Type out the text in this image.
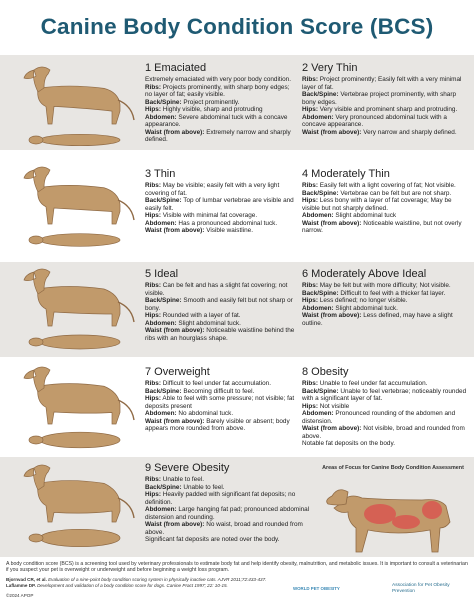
Canine Body Condition Score (BCS)
1 Emaciated

Extremely emaciated with very poor body condition.

Ribs: Projects prominently, with sharp bony edges; no layer of fat; easily visible.

Back/Spine: Project prominently.

Hips: Highly visible, sharp and protruding

Abdomen: Severe abdominal tuck with a concave appearance.

Waist (from above): Extremely narrow and sharply defined.

2 Very Thin

Ribs: Project prominently; Easily felt with a very minimal layer of fat.

Back/Spine: Vertebrae project prominently, with sharp bony edges.

Hips: Very visible and prominent sharp and protruding.

Abdomen: Very pronounced abdominal tuck with a concave appearance.

Waist (from above): Very narrow and sharply defined.

3 Thin

Ribs: May be visible; easily felt with a very light covering of fat.

Back/Spine: Top of lumbar vertebrae are visible and easily felt.

Hips: Visible with minimal fat coverage.

Abdomen: Has a pronounced abdominal tuck.

Waist (from above): Visible waistline.

4 Moderately Thin

Ribs: Easily felt with a light covering of fat; Not visible.

Back/Spine: Vertebrae can be felt but are not sharp.

Hips: Less bony with a layer of fat coverage; May be visible but not sharply defined.

Abdomen: Slight abdominal tuck

Waist (from above): Noticeable waistline, but not overly narrow.

5 Ideal

Ribs: Can be felt and has a slight fat covering; not visible.

Back/Spine: Smooth and easily felt but not sharp or bony.

Hips: Rounded with a layer of fat.

Abdomen: Slight abdominal tuck.

Waist (from above): Noticeable waistline behind the ribs with an hourglass shape.

6 Moderately Above Ideal

Ribs: May be felt but with more difficulty; Not visible.

Back/Spine: Difficult to feel with a thicker fat layer.

Hips: Less defined; no longer visible.

Abdomen: Slight abdominal tuck.

Waist (from above): Less defined, may have a slight outline.

7 Overweight

Ribs: Difficult to feel under fat accumulation.

Back/Spine: Becoming difficult to feel.

Hips: Able to feel with some pressure; not visible; fat deposits present

Abdomen: No abdominal tuck.

Waist (from above): Barely visible or absent; body appears more rounded from above.

8 Obesity

Ribs: Unable to feel under fat accumulation.

Back/Spine: Unable to feel vertebrae; noticeably rounded with a significant layer of fat.

Hips: Not visible

Abdomen: Pronounced rounding of the abdomen and distension.

Waist (from above): Not visible, broad and rounded from above.

Notable fat deposits on the body.

9 Severe Obesity

Ribs: Unable to feel.

Back/Spine: Unable to feel.

Hips: Heavily padded with significant fat deposits; no definition.

Abdomen: Large hanging fat pad; pronounced abdominal distension and rounding.

Waist (from above): No waist, broad and rounded from above.

Significant fat deposits are noted over the body.

Areas of Focus for Canine Body Condition Assessment
A body condition score (BCS) is a screening tool used by veterinary professionals to estimate body fat and help identify obesity, malnutrition, and metabolic issues. It is important to consult a veterinarian if you suspect your pet is overweight or underweight and before beginning a weight loss program.
Bjornvad CR, et al. Evaluation of a nine-point body condition scoring system in physically inactive cats. AJVR 2011;72:433-437.
Laflamme DP. Development and validation of a body condition score for dogs. Canine Pract 1997; 22: 10-15.
©2024 APOP
WORLD PET OBESITY
Association for Pet Obesity Prevention
